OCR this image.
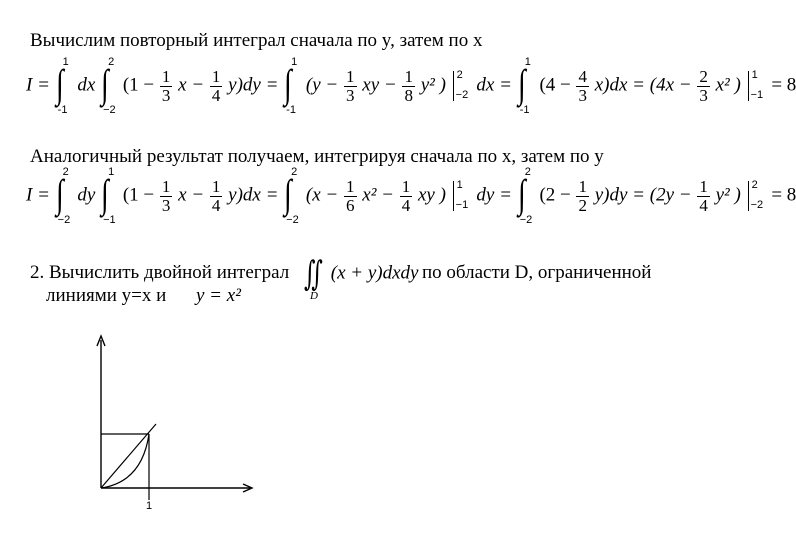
Вычислим повторный интеграл сначала по y, затем по x
I = ∫ 1
-1
dx ∫ 2
−2
($1 - \frac{1}{3}$ $x - \frac{1}{4} y)dy$ = ∫ 1
-1
($y - \frac{1}{3}$ xy − $\frac{1}{8} y^2$ ) 2
−2 dx = ∫ 1
-1
$(4 - \frac{4}{3} x)dx = (4x - \frac{2}{3} x^2$ ) 1
−1 = 8
Аналогичный результат получаем, интегрируя сначала по x, затем по y
I = ∫ 2
−2
dy ∫ 1
−1
($1 - \frac{1}{3}$ $x - \frac{1}{4} y)dx$ = ∫ 2
−2
($x - \frac{1}{6} x^2 - \frac{1}{4}$ xy ) 1
−1 dy = ∫ 2
−2
$(2 - \frac{1}{2} y)dy = (2y - \frac{1}{4} y^2$ ) 2
−2 = 8
2. Вычислить двойной интеграл ∬
D
(x + y)dxdy по области D, ограниченной
линиями y=x и y = x²
1
